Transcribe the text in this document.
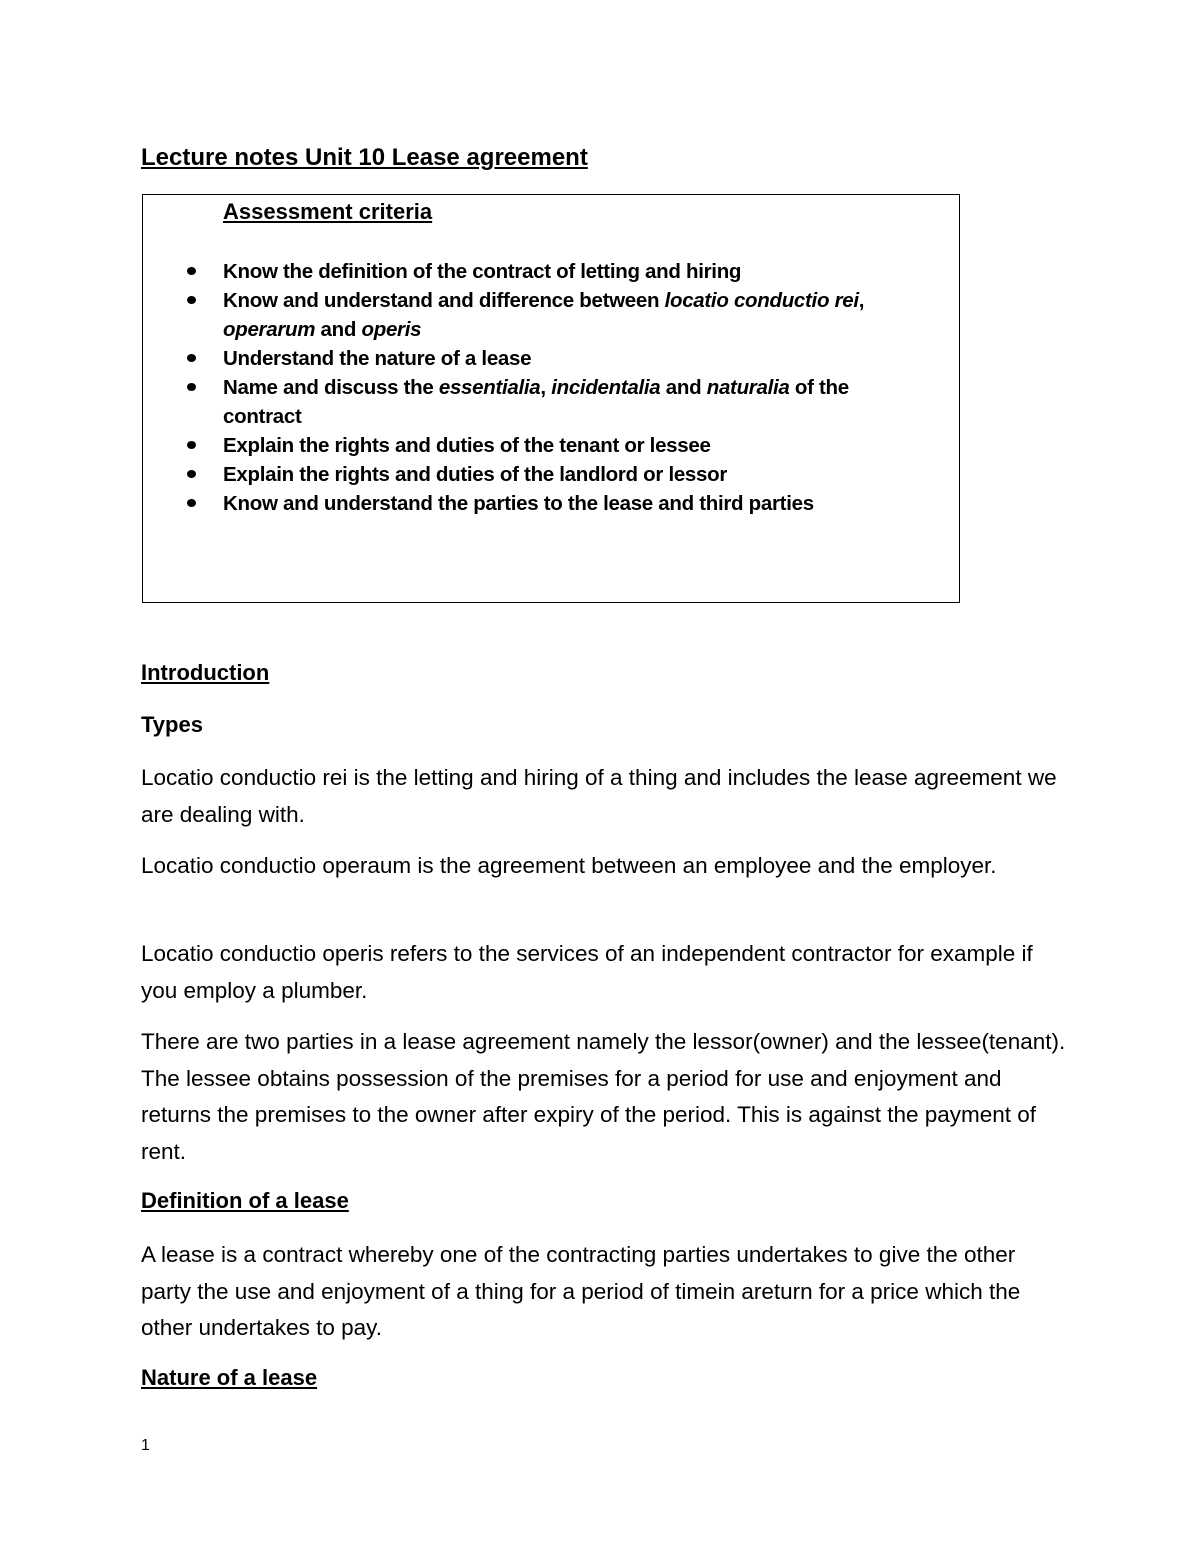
Lecture notes Unit 10 Lease agreement
Assessment criteria
Know the definition of the contract of letting and hiring
Know and understand and difference between locatio conductio rei, operarum and operis
Understand the nature of a lease
Name and discuss the essentialia, incidentalia and naturalia of the contract
Explain the rights and duties of the tenant or lessee
Explain the rights and duties of the landlord or lessor
Know and understand the parties to the lease and third parties
Introduction
Types

Locatio conductio rei is the letting and hiring of a thing and includes the lease agreement we are dealing with.

Locatio conductio operaum is the agreement between an employee and the employer.

Locatio conductio operis refers to the services of an independent contractor for example if you employ a plumber.

There are two parties in a lease agreement namely the lessor(owner) and the lessee(tenant). The lessee obtains possession of the premises for a period for use and enjoyment and returns the premises to the owner after expiry of the period. This is against the payment of rent.

Definition of a lease

A lease is a contract whereby one of the contracting parties undertakes to give the other party the use and enjoyment of a thing for a period of timein areturn for a price which the other undertakes to pay.

Nature of a lease
1
